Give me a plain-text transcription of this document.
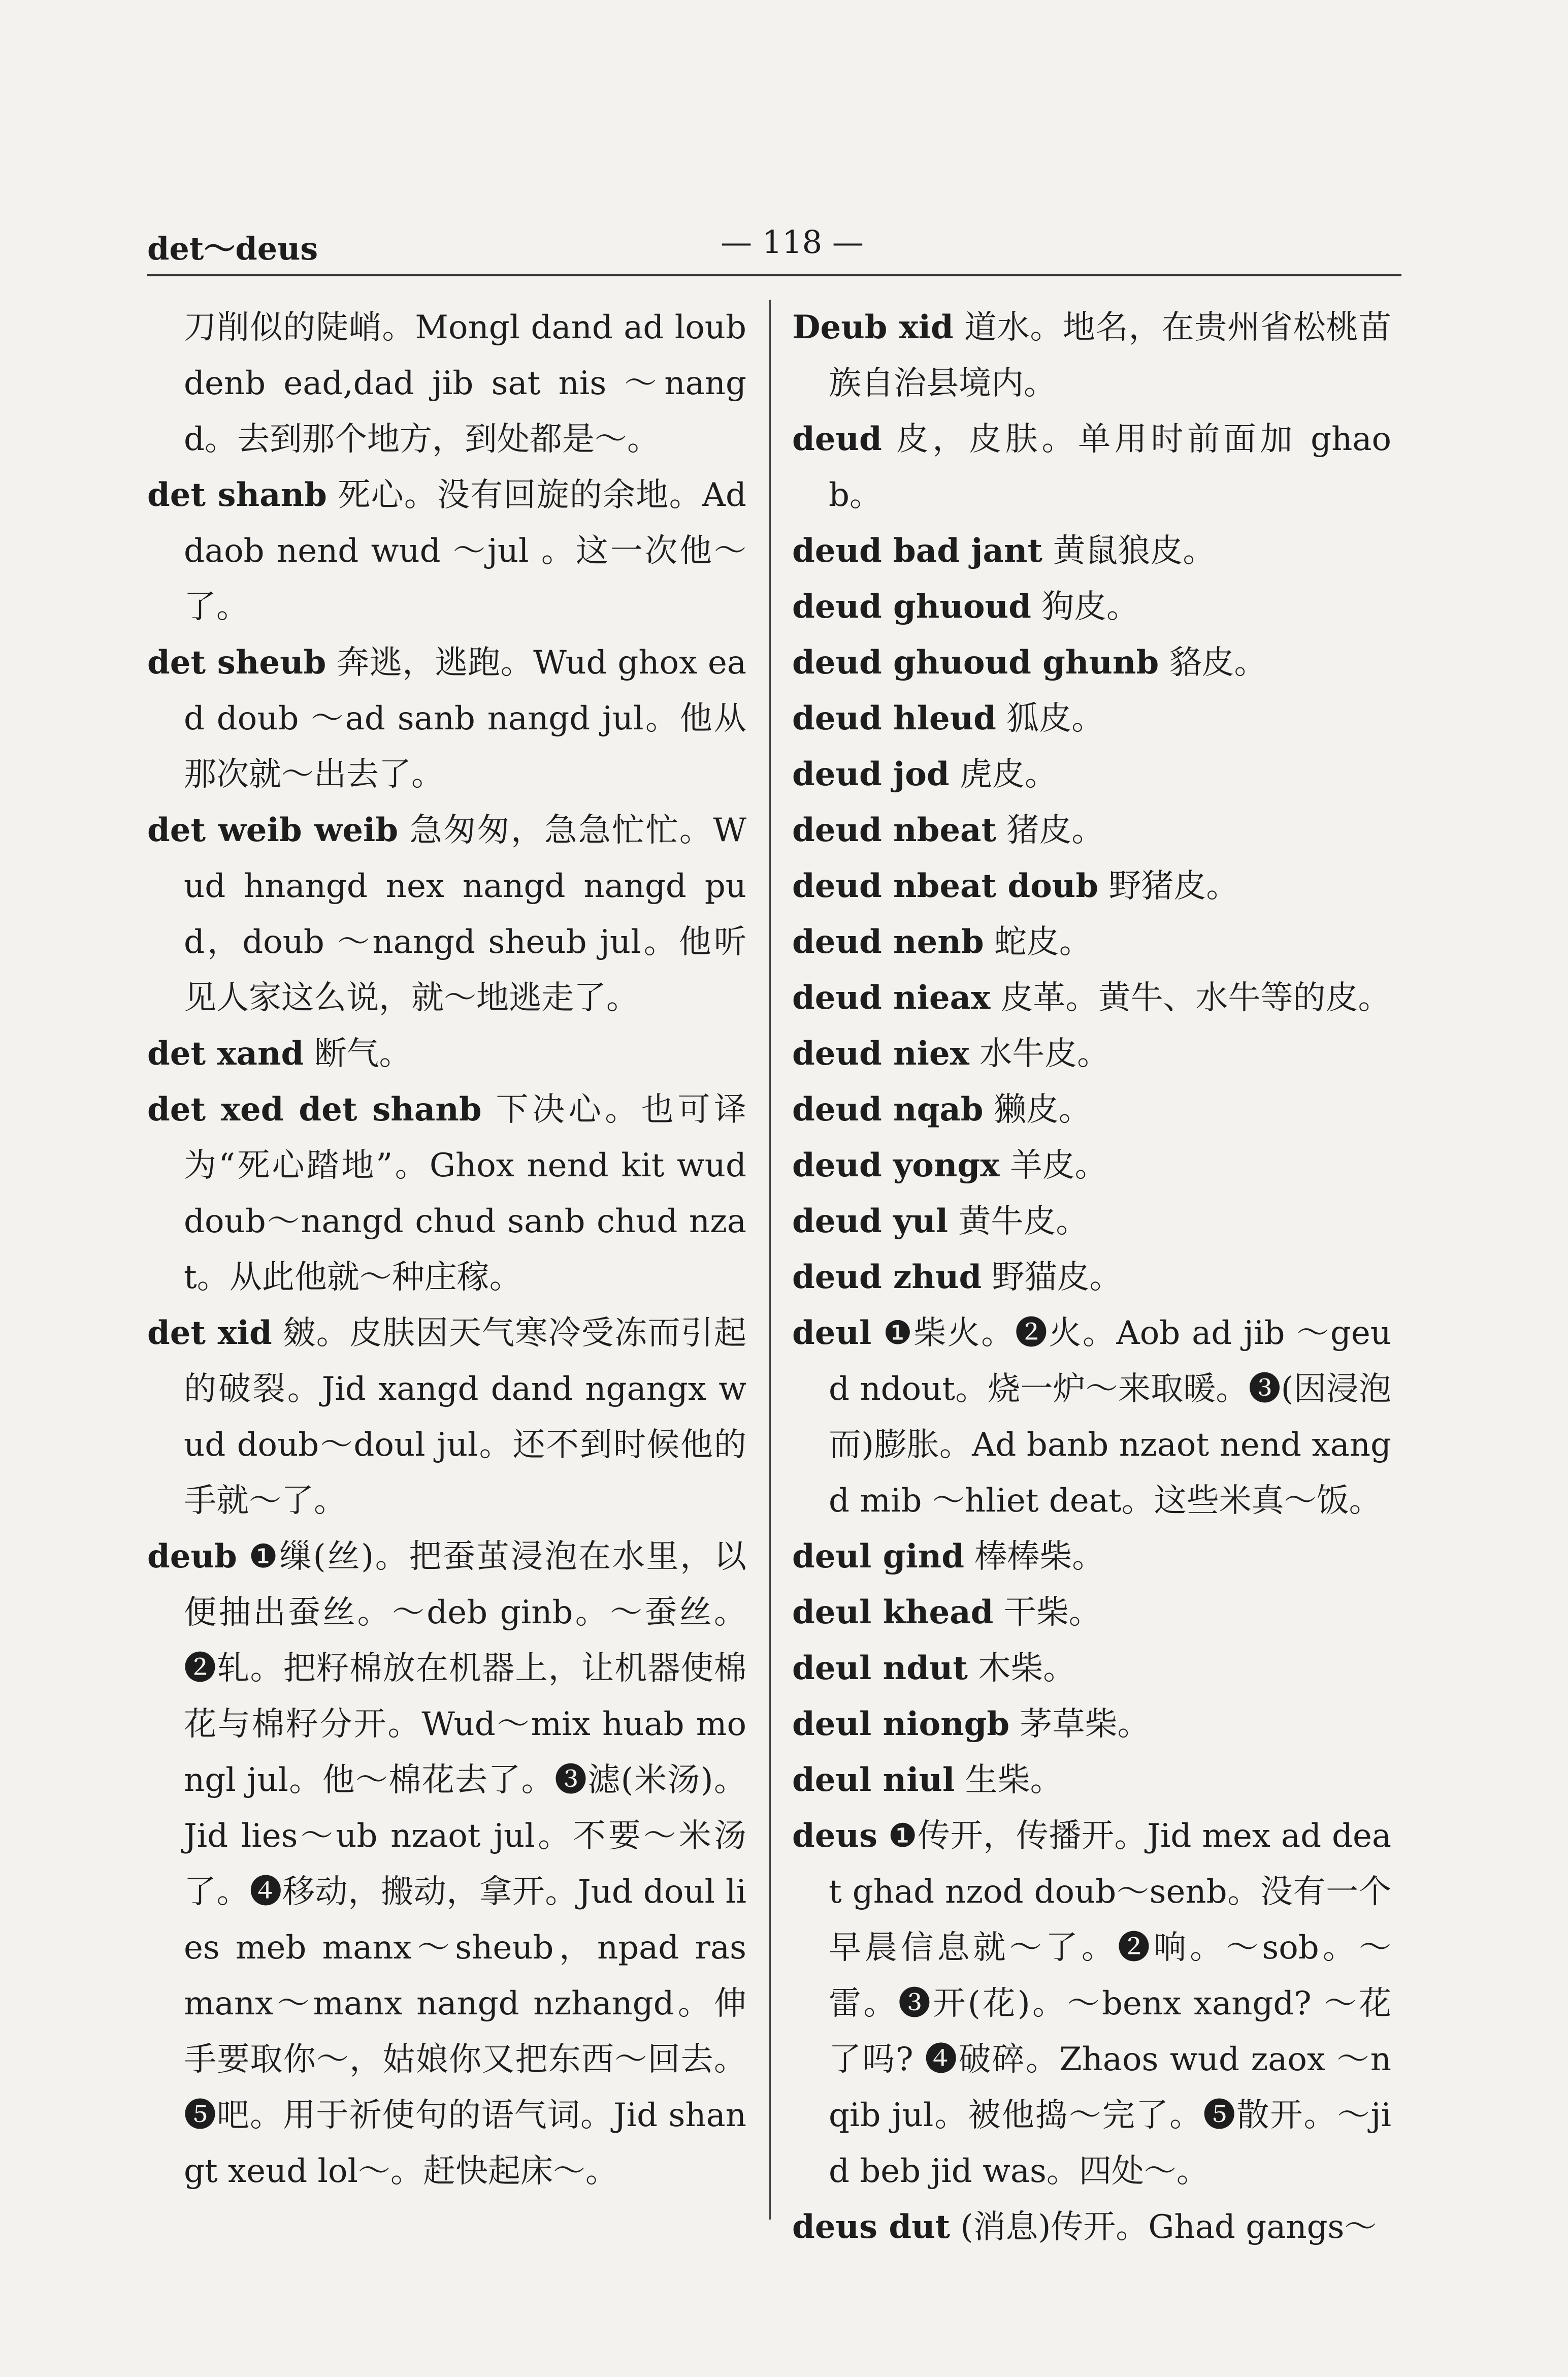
det～deus	— 118 —

刀削似的陡峭。Mongl dand ad loub denb ead,dad jib sat nis ～nangd。去到那个地方，到处都是～。

det shanb 死心。没有回旋的余地。Ad daob nend wud ～jul 。这一次他～了。

det sheub 奔逃，逃跑。Wud ghox ead doub ～ad sanb nangd jul。他从那次就～出去了。

det weib weib 急匆匆，急急忙忙。Wud hnangd nex nangd nangd pud，doub ～nangd sheub jul。他听见人家这么说，就～地逃走了。

det xand 断气。

det xed det shanb 下决心。也可译为“死心踏地”。Ghox nend kit wud doub～nangd chud sanb chud nzat。从此他就～种庄稼。

det xid 皴。皮肤因天气寒冷受冻而引起的破裂。Jid xangd dand ngangx wud doub～doul jul。还不到时候他的手就～了。

deub ❶缫(丝)。把蚕茧浸泡在水里，以便抽出蚕丝。～deb ginb。～蚕丝。❷轧。把籽棉放在机器上，让机器使棉花与棉籽分开。Wud～mix huab mongl jul。他～棉花去了。❸滤(米汤)。Jid lies～ub nzaot jul。不要～米汤了。❹移动，搬动，拿开。Jud doul lies meb manx～sheub，npad ras manx～manx nangd nzhangd。伸手要取你～，姑娘你又把东西～回去。❺吧。用于祈使句的语气词。Jid shangt xeud lol～。赶快起床～。

Deub xid 道水。地名，在贵州省松桃苗族自治县境内。

deud 皮，皮肤。单用时前面加 ghaob。

deud bad jant 黄鼠狼皮。

deud ghuoud 狗皮。

deud ghuoud ghunb 貉皮。

deud hleud 狐皮。

deud jod 虎皮。

deud nbeat 猪皮。

deud nbeat doub 野猪皮。

deud nenb 蛇皮。

deud nieax 皮革。黄牛、水牛等的皮。

deud niex 水牛皮。

deud nqab 獭皮。

deud yongx 羊皮。

deud yul 黄牛皮。

deud zhud 野猫皮。

deul ❶柴火。❷火。Aob ad jib ～geud ndout。烧一炉～来取暖。❸(因浸泡而)膨胀。Ad banb nzaot nend xangd mib ～hliet deat。这些米真～饭。

deul gind 棒棒柴。

deul khead 干柴。

deul ndut 木柴。

deul niongb 茅草柴。

deul niul 生柴。

deus ❶传开，传播开。Jid mex ad deat ghad nzod doub～senb。没有一个早晨信息就～了。❷响。～sob。～雷。❸开(花)。～benx xangd? ～花了吗? ❹破碎。Zhaos wud zaox ～nqib jul。被他捣～完了。❺散开。～jid beb jid was。四处～。

deus dut (消息)传开。Ghad gangs～
